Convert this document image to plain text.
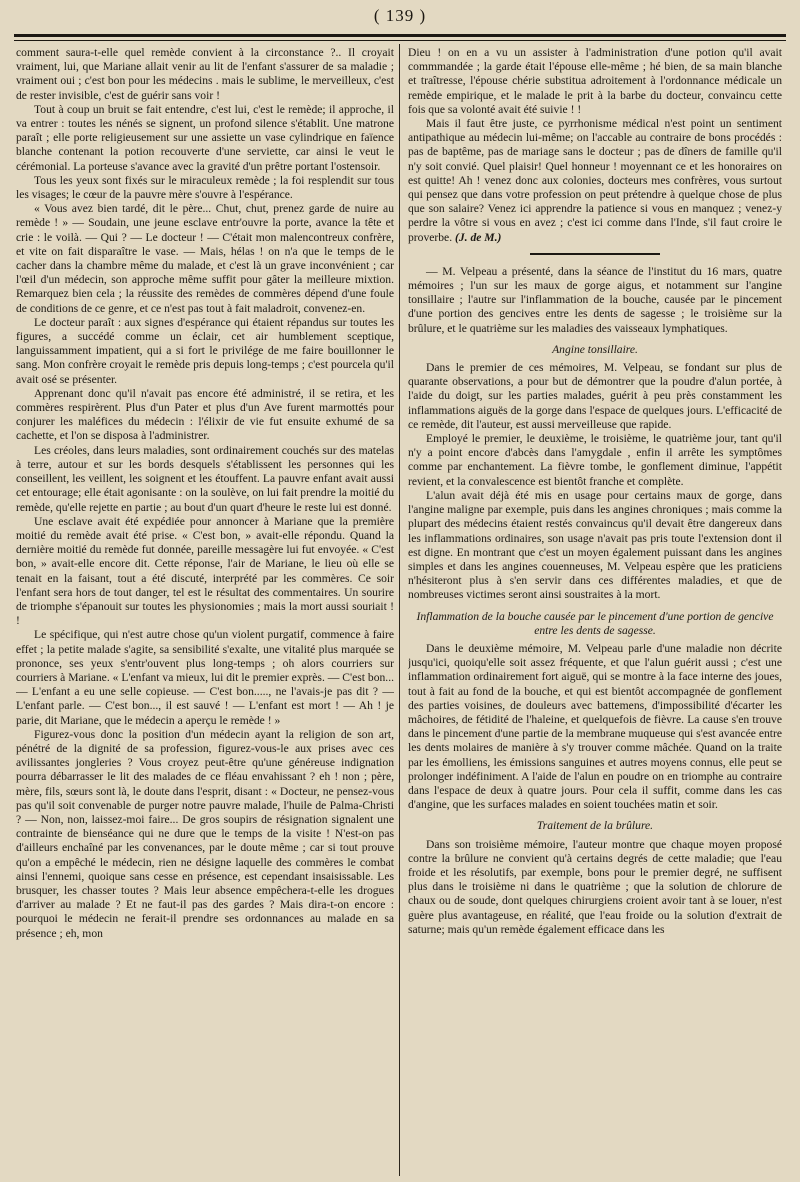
( 139 )

comment saura-t-elle quel remède convient à la circonstance ?.. Il croyait vraiment, lui, que Mariane allait venir au lit de l'enfant s'assurer de sa maladie ; vraiment oui ; c'est bon pour les médecins . mais le sublime, le merveilleux, c'est de rester invisible, c'est de guérir sans voir !

Tout à coup un bruit se fait entendre, c'est lui, c'est le remède; il approche, il va entrer : toutes les nénés se signent, un profond silence s'établit. Une matrone paraît ; elle porte religieusement sur une assiette un vase cylindrique en faïence blanche contenant la potion recouverte d'une serviette, car ainsi le veut le cérémonial. La porteuse s'avance avec la gravité d'un prêtre portant l'ostensoir.

Tous les yeux sont fixés sur le miraculeux remède ; la foi resplendit sur tous les visages; le cœur de la pauvre mère s'ouvre à l'espérance.

« Vous avez bien tardé, dit le père... Chut, chut, prenez garde de nuire au remède ! » — Soudain, une jeune esclave entr'ouvre la porte, avance la tête et crie : le voilà. — Qui ? — Le docteur ! — C'était mon malencontreux confrère, et vite on fait disparaître le vase. — Mais, hélas ! on n'a que le temps de le cacher dans la chambre même du malade, et c'est là un grave inconvénient ; car l'œil d'un médecin, son approche même suffit pour gâter la meilleure mixtion. Remarquez bien cela ; la réussite des remèdes de commères dépend d'une foule de conditions de ce genre, et ce n'est pas tout à fait maladroit, convenez-en.

Le docteur paraît : aux signes d'espérance qui étaient répandus sur toutes les figures, a succédé comme un éclair, cet air humblement sceptique, languissamment impatient, qui a si fort le privilége de me faire bouillonner le sang. Mon confrère croyait le remède pris depuis long-temps ; c'est pourcela qu'il avait osé se présenter.

Apprenant donc qu'il n'avait pas encore été administré, il se retira, et les commères respirèrent. Plus d'un Pater et plus d'un Ave furent marmottés pour conjurer les maléfices du médecin : l'élixir de vie fut ensuite exhumé de sa cachette, et l'on se disposa à l'administrer.

Les créoles, dans leurs maladies, sont ordinairement couchés sur des matelas à terre, autour et sur les bords desquels s'établissent les personnes qui les conseillent, les veillent, les soignent et les étouffent. La pauvre enfant avait aussi cet entourage; elle était agonisante : on la soulève, on lui fait prendre la moitié du remède, qu'elle rejette en partie ; au bout d'un quart d'heure le reste lui est donné.

Une esclave avait été expédiée pour annoncer à Mariane que la première moitié du remède avait été prise. « C'est bon, » avait-elle répondu. Quand la dernière moitié du remède fut donnée, pareille messagère lui fut envoyée. « C'est bon, » avait-elle encore dit. Cette réponse, l'air de Mariane, le lieu où elle se tenait en la faisant, tout a été discuté, interprété par les commères. Ce soir l'enfant sera hors de tout danger, tel est le résultat des commentaires. Un sourire de triomphe s'épanouit sur toutes les physionomies ; mais la mort aussi souriait ! !

Le spécifique, qui n'est autre chose qu'un violent purgatif, commence à faire effet ; la petite malade s'agite, sa sensibilité s'exalte, une vitalité plus marquée se prononce, ses yeux s'entr'ouvent plus long-temps ; oh alors courriers sur courriers à Mariane. « L'enfant va mieux, lui dit le premier exprès. — C'est bon... — L'enfant a eu une selle copieuse. — C'est bon....., ne l'avais-je pas dit ? — L'enfant parle. — C'est bon..., il est sauvé ! — L'enfant est mort ! — Ah ! je parie, dit Mariane, que le médecin a aperçu le remède ! »

Figurez-vous donc la position d'un médecin ayant la religion de son art, pénétré de la dignité de sa profession, figurez-vous-le aux prises avec ces avilissantes jongleries ? Vous croyez peut-être qu'une généreuse indignation pourra débarrasser le lit des malades de ce fléau envahissant ? eh ! non ; père, mère, fils, sœurs sont là, le doute dans l'esprit, disant : « Docteur, ne pensez-vous pas qu'il soit convenable de purger notre pauvre malade, l'huile de Palma-Christi ? — Non, non, laissez-moi faire... De gros soupirs de résignation signalent une contrainte de bienséance qui ne dure que le temps de la visite ! N'est-on pas d'ailleurs enchaîné par les convenances, par le doute même ; car si tout prouve qu'on a empêché le médecin, rien ne désigne laquelle des commères le combat ainsi l'ennemi, quoique sans cesse en présence, est cependant insaisissable. Les brusquer, les chasser toutes ? Mais leur absence empêchera-t-elle les drogues d'arriver au malade ? Et ne faut-il pas des gardes ? Mais dira-t-on encore : pourquoi le médecin ne ferait-il prendre ses ordonnances au malade en sa présence ; eh, mon

Dieu ! on en a vu un assister à l'administration d'une potion qu'il avait commmandée ; la garde était l'épouse elle-même ; hé bien, de sa main blanche et traîtresse, l'épouse chérie substitua adroitement à l'ordonnance médicale un remède empirique, et le malade le prit à la barbe du docteur, convaincu cette fois que sa volonté avait été suivie ! !

Mais il faut être juste, ce pyrrhonisme médical n'est point un sentiment antipathique au médecin lui-même; on l'accable au contraire de bons procédés : pas de baptême, pas de mariage sans le docteur ; pas de dîners de famille qu'il n'y soit convié. Quel plaisir! Quel honneur ! moyennant ce et les honoraires on est quitte! Ah ! venez donc aux colonies, docteurs mes confrères, vous surtout qui pensez que dans votre profession on peut prétendre à quelque chose de plus que son salaire? Venez ici apprendre la patience si vous en manquez ; venez-y perdre la vôtre si vous en avez ; c'est ici comme dans l'Inde, s'il faut croire le proverbe. (J. de M.)

— M. Velpeau a présenté, dans la séance de l'institut du 16 mars, quatre mémoires ; l'un sur les maux de gorge aigus, et notamment sur l'angine tonsillaire ; l'autre sur l'inflammation de la bouche, causée par le pincement d'une portion des gencives entre les dents de sagesse ; le troisième sur la brûlure, et le quatrième sur les maladies des vaisseaux lymphatiques.

Angine tonsillaire.

Dans le premier de ces mémoires, M. Velpeau, se fondant sur plus de quarante observations, a pour but de démontrer que la poudre d'alun portée, à l'aide du doigt, sur les parties malades, guérit à peu près constamment les inflammations aiguës de la gorge dans l'espace de quelques jours. L'efficacité de ce remède, dit l'auteur, est aussi merveilleuse que rapide.

Employé le premier, le deuxième, le troisième, le quatrième jour, tant qu'il n'y a point encore d'abcès dans l'amygdale , enfin il arrête les symptômes comme par enchantement. La fièvre tombe, le gonflement diminue, l'appétit revient, et la convalescence est bientôt franche et complète.

L'alun avait déjà été mis en usage pour certains maux de gorge, dans l'angine maligne par exemple, puis dans les angines chroniques ; mais comme la plupart des médecins étaient restés convaincus qu'il devait être dangereux dans les inflammations ordinaires, son usage n'avait pas pris toute l'extension dont il est digne. En montrant que c'est un moyen également puissant dans les angines simples et dans les angines couenneuses, M. Velpeau espère que les praticiens n'hésiteront plus à s'en servir dans ces différentes maladies, et que de nombreuses victimes seront ainsi soustraites à la mort.

Inflammation de la bouche causée par le pincement d'une portion de gencive entre les dents de sagesse.

Dans le deuxième mémoire, M. Velpeau parle d'une maladie non décrite jusqu'ici, quoiqu'elle soit assez fréquente, et que l'alun guérit aussi ; c'est une inflammation ordinairement fort aiguë, qui se montre à la face interne des joues, tout à fait au fond de la bouche, et qui est bientôt accompagnée de gonflement des parties voisines, de douleurs avec battemens, d'impossibilité d'écarter les mâchoires, de fétidité de l'haleine, et quelquefois de fièvre. La cause s'en trouve dans le pincement d'une partie de la membrane muqueuse qui s'est avancée entre les dents molaires de manière à s'y trouver comme mâchée. Quand on la traite par les émolliens, les émissions sanguines et autres moyens connus, elle peut se prolonger indéfiniment. A l'aide de l'alun en poudre on en triomphe au contraire dans l'espace de deux à quatre jours. Pour cela il suffit, comme dans les cas d'angine, que les surfaces malades en soient touchées matin et soir.

Traitement de la brûlure.

Dans son troisième mémoire, l'auteur montre que chaque moyen proposé contre la brûlure ne convient qu'à certains degrés de cette maladie; que l'eau froide et les résolutifs, par exemple, bons pour le premier degré, ne suffisent plus dans le troisième ni dans le quatrième ; que la solution de chlorure de chaux ou de soude, dont quelques chirurgiens croient avoir tant à se louer, n'est guère plus avantageuse, en réalité, que l'eau froide ou la solution d'extrait de saturne; mais qu'un remède également efficace dans les
